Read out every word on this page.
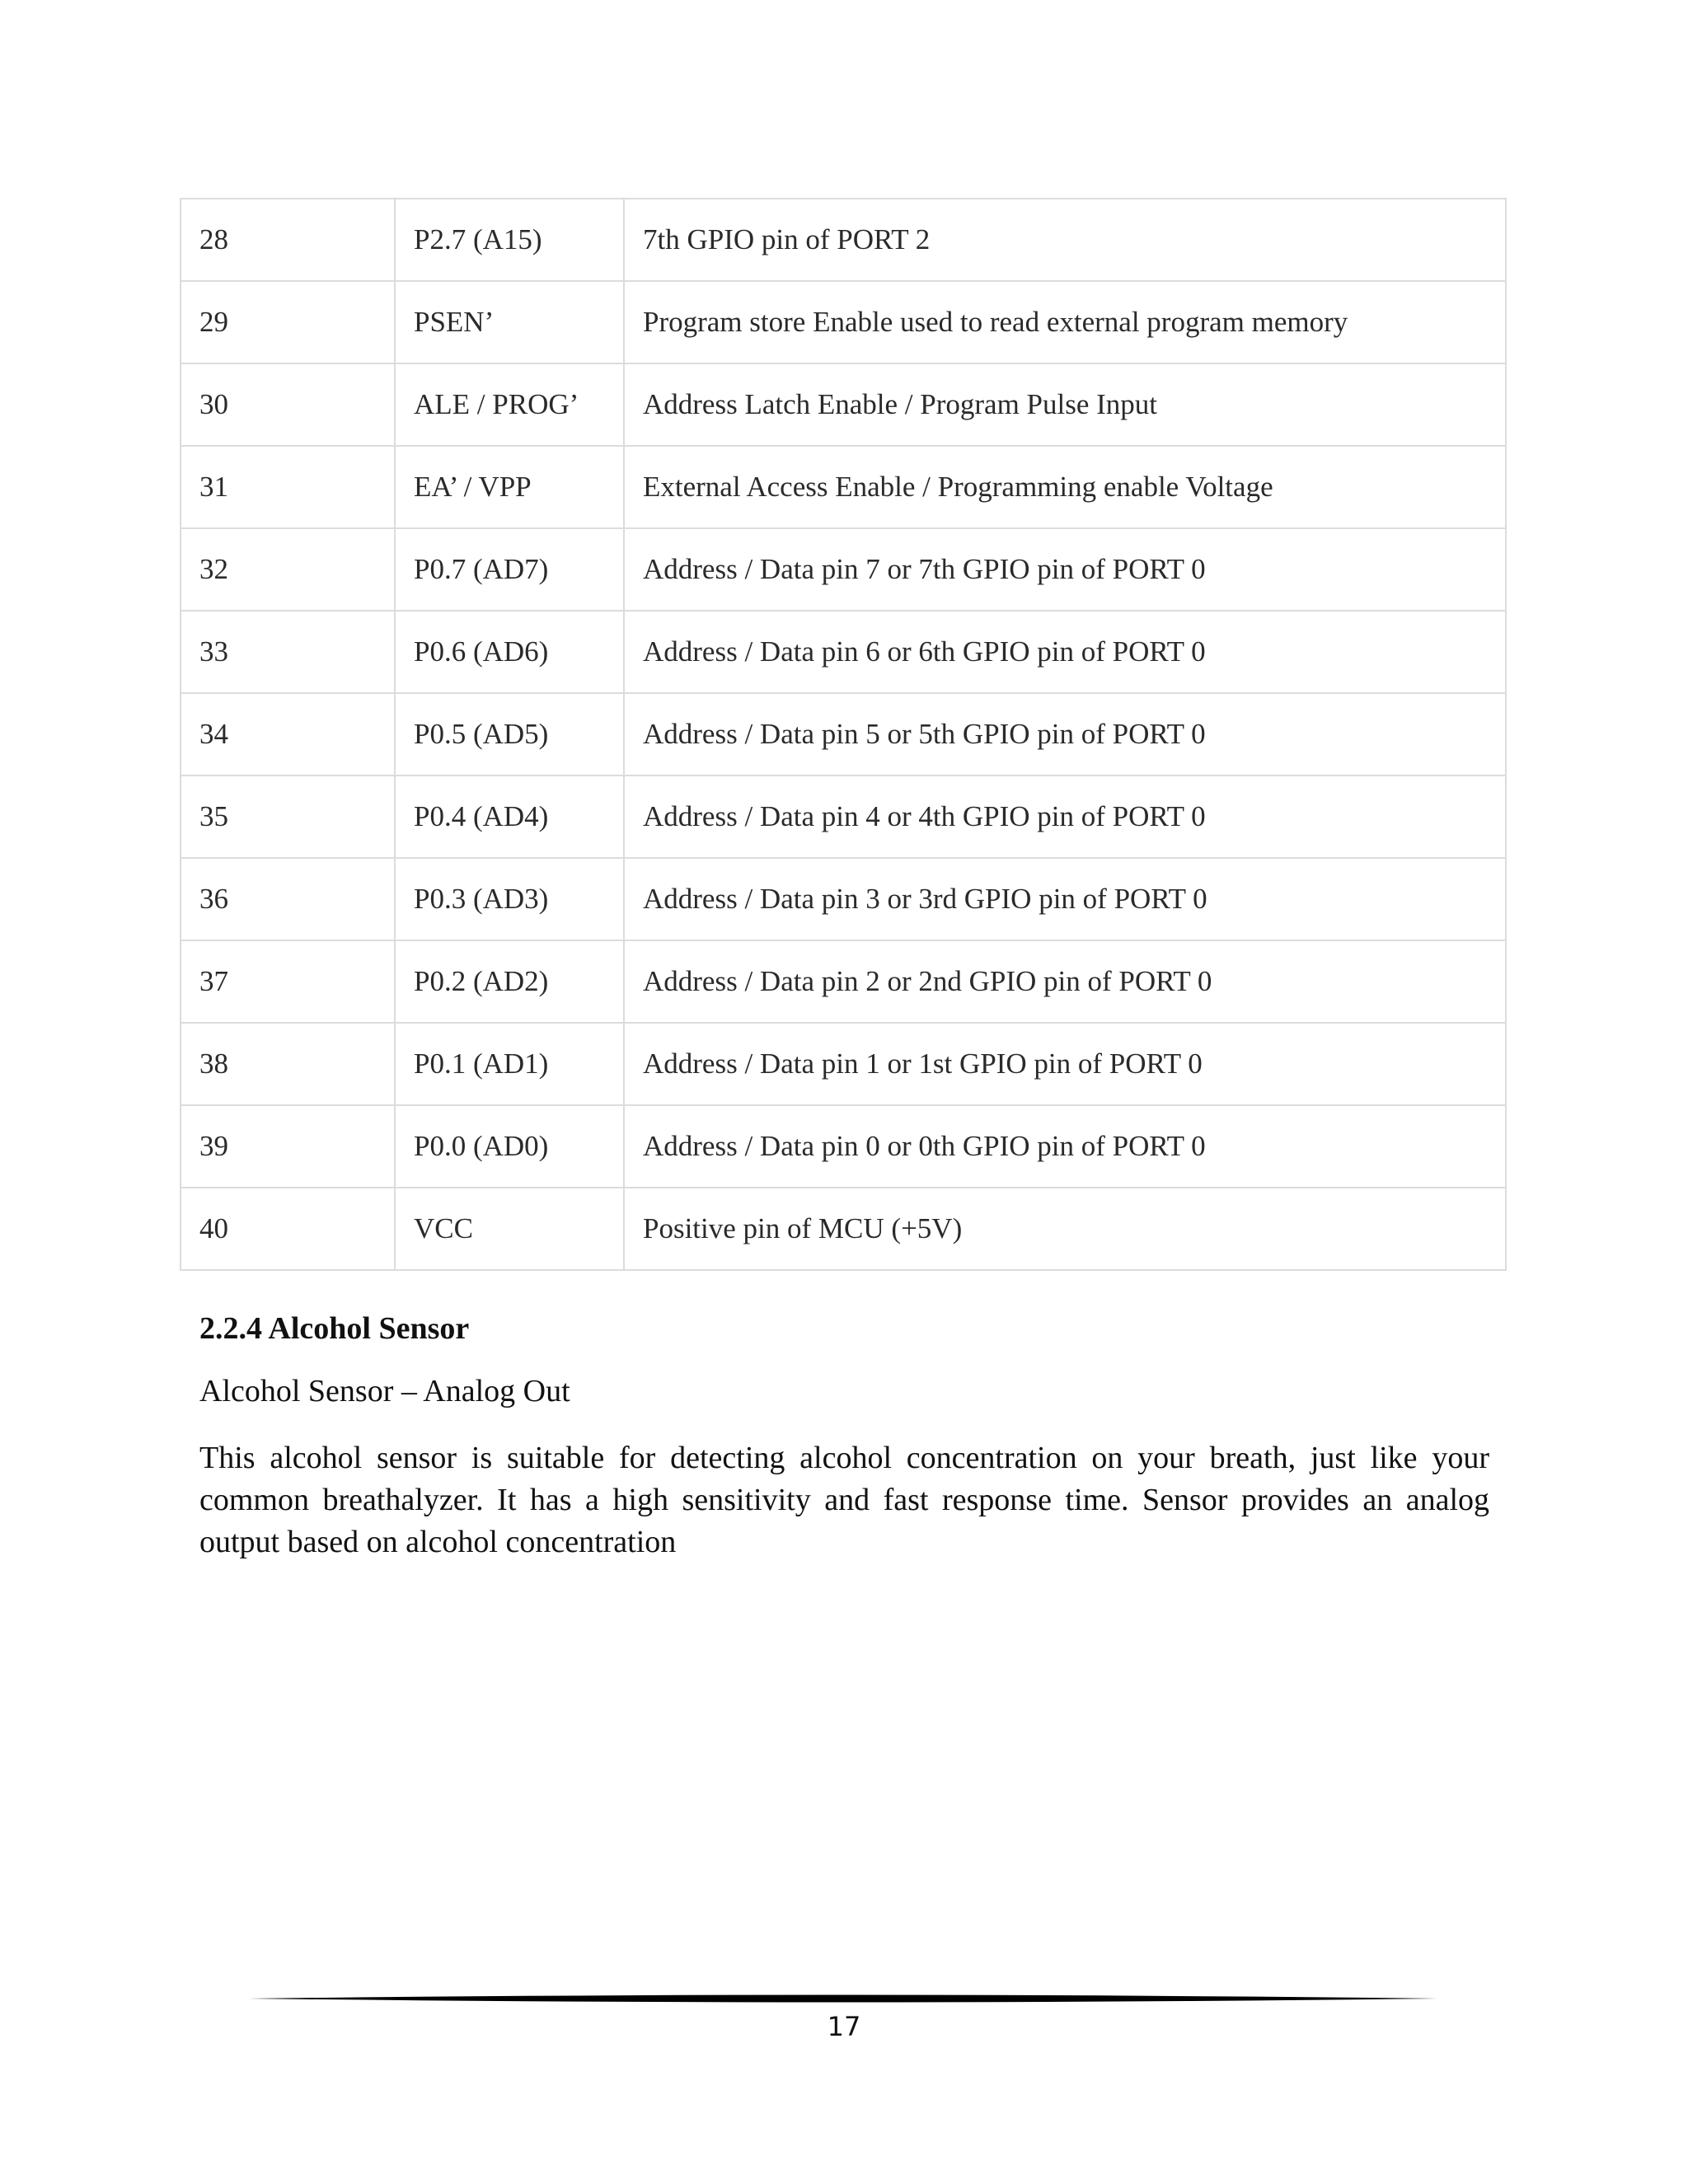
28	P2.7 (A15)	7th GPIO pin of PORT 2
29	PSEN’	Program store Enable used to read external program memory
30	ALE / PROG’	Address Latch Enable / Program Pulse Input
31	EA’ / VPP	External Access Enable / Programming enable Voltage
32	P0.7 (AD7)	Address / Data pin 7 or 7th GPIO pin of PORT 0
33	P0.6 (AD6)	Address / Data pin 6 or 6th GPIO pin of PORT 0
34	P0.5 (AD5)	Address / Data pin 5 or 5th GPIO pin of PORT 0
35	P0.4 (AD4)	Address / Data pin 4 or 4th GPIO pin of PORT 0
36	P0.3 (AD3)	Address / Data pin 3 or 3rd GPIO pin of PORT 0
37	P0.2 (AD2)	Address / Data pin 2 or 2nd GPIO pin of PORT 0
38	P0.1 (AD1)	Address / Data pin 1 or 1st GPIO pin of PORT 0
39	P0.0 (AD0)	Address / Data pin 0 or 0th GPIO pin of PORT 0
40	VCC	Positive pin of MCU (+5V)
2.2.4 Alcohol Sensor

Alcohol Sensor – Analog Out

This alcohol sensor is suitable for detecting alcohol concentration on your breath, just like your common breathalyzer. It has a high sensitivity and fast response time. Sensor provides an analog output based on alcohol concentration

17
